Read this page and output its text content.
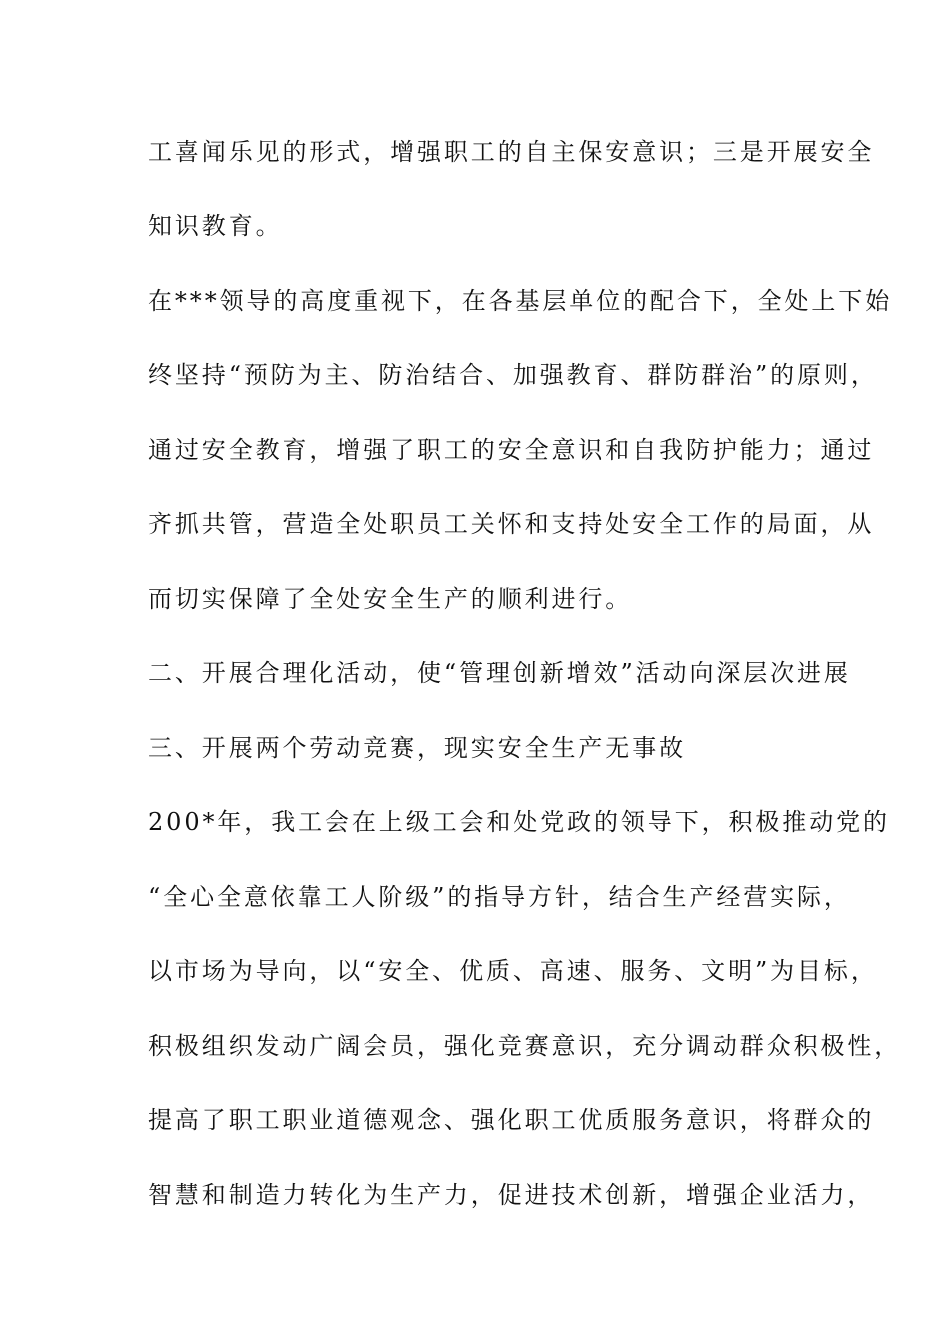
工喜闻乐见的形式，增强职工的自主保安意识；三是开展安全

知识教育。

在***领导的高度重视下，在各基层单位的配合下，全处上下始

终坚持“预防为主、防治结合、加强教育、群防群治”的原则，

通过安全教育，增强了职工的安全意识和自我防护能力；通过

齐抓共管，营造全处职员工关怀和支持处安全工作的局面，从

而切实保障了全处安全生产的顺利进行。

二、开展合理化活动，使“管理创新增效”活动向深层次进展

三、开展两个劳动竞赛，现实安全生产无事故

200*年，我工会在上级工会和处党政的领导下，积极推动党的

“全心全意依靠工人阶级”的指导方针，结合生产经营实际，

以市场为导向，以“安全、优质、高速、服务、文明”为目标，

积极组织发动广阔会员，强化竞赛意识，充分调动群众积极性，

提高了职工职业道德观念、强化职工优质服务意识，将群众的

智慧和制造力转化为生产力，促进技术创新，增强企业活力，
